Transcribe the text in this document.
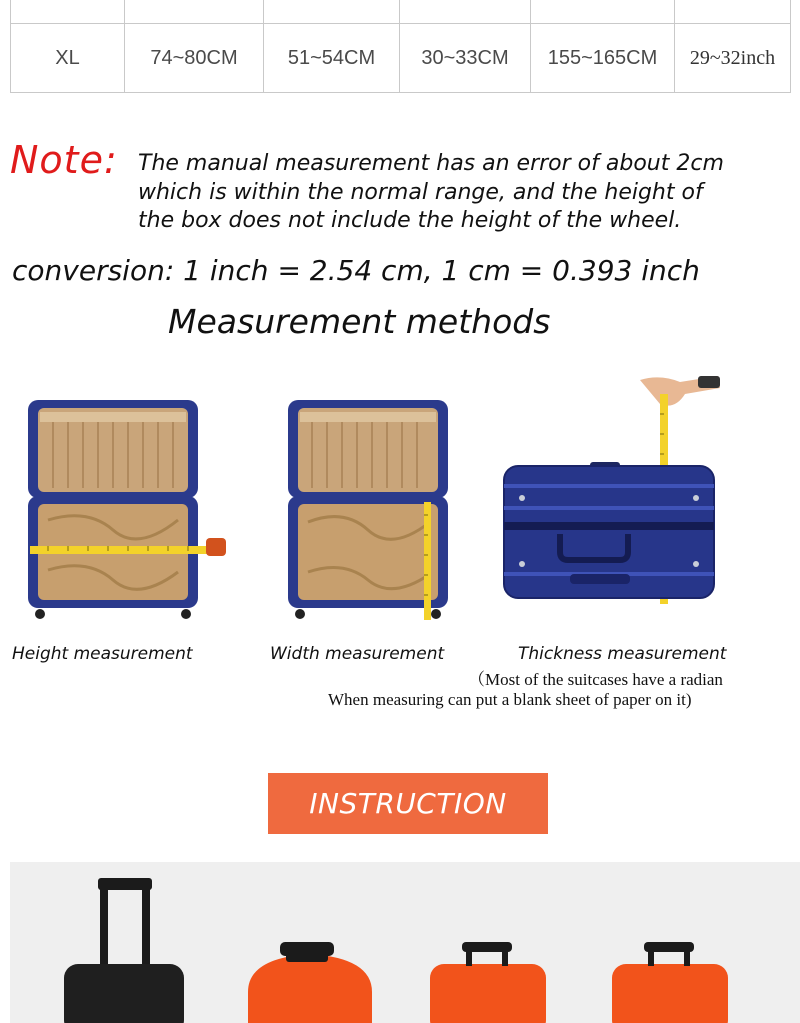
XL	74~80CM	51~54CM	30~33CM	155~165CM	29~32inch
Note: The manual measurement has an error of about 2cm
which is within the normal range, and the height of
the box does not include the height of the wheel.
conversion: 1 inch = 2.54 cm, 1 cm = 0.393 inch
Measurement methods
Height measurement	Width measurement	Thickness measurement
（Most of the suitcases have a radian
When measuring can put a blank sheet of paper on it)
INSTRUCTION
